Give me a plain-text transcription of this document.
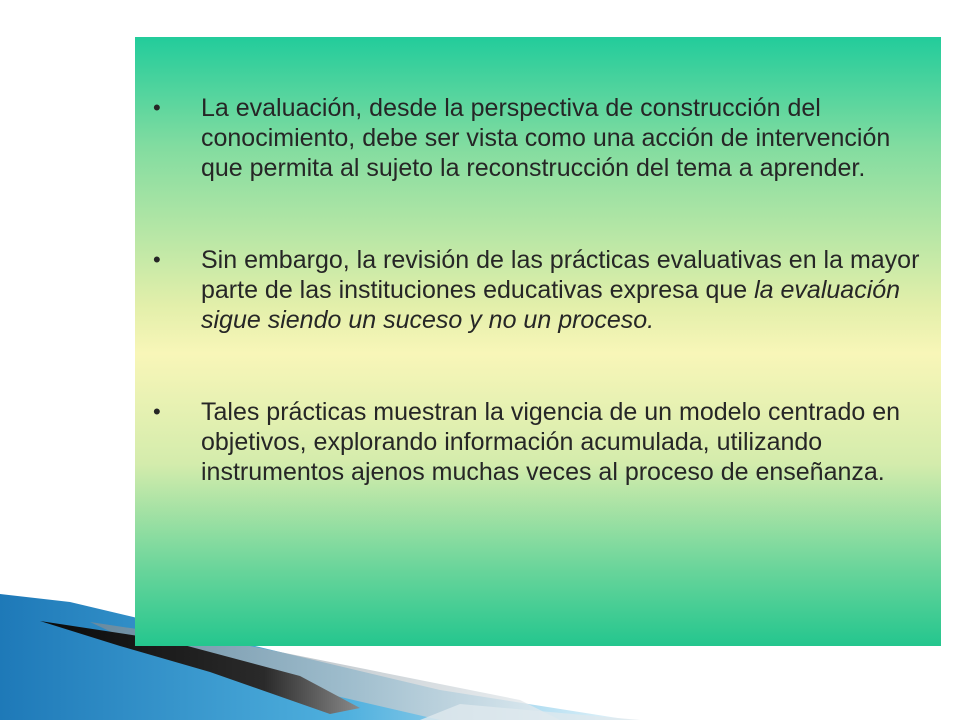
•	La evaluación, desde la perspectiva de construcción del conocimiento, debe ser vista como una acción de intervención que permita al sujeto la reconstrucción del tema a aprender.
•	Sin embargo, la revisión de las prácticas evaluativas en la mayor parte de las instituciones educativas expresa que la evaluación sigue siendo un suceso y no un proceso.
•	Tales prácticas muestran la vigencia de un modelo centrado en objetivos, explorando información acumulada, utilizando instrumentos ajenos muchas veces al proceso de enseñanza.
